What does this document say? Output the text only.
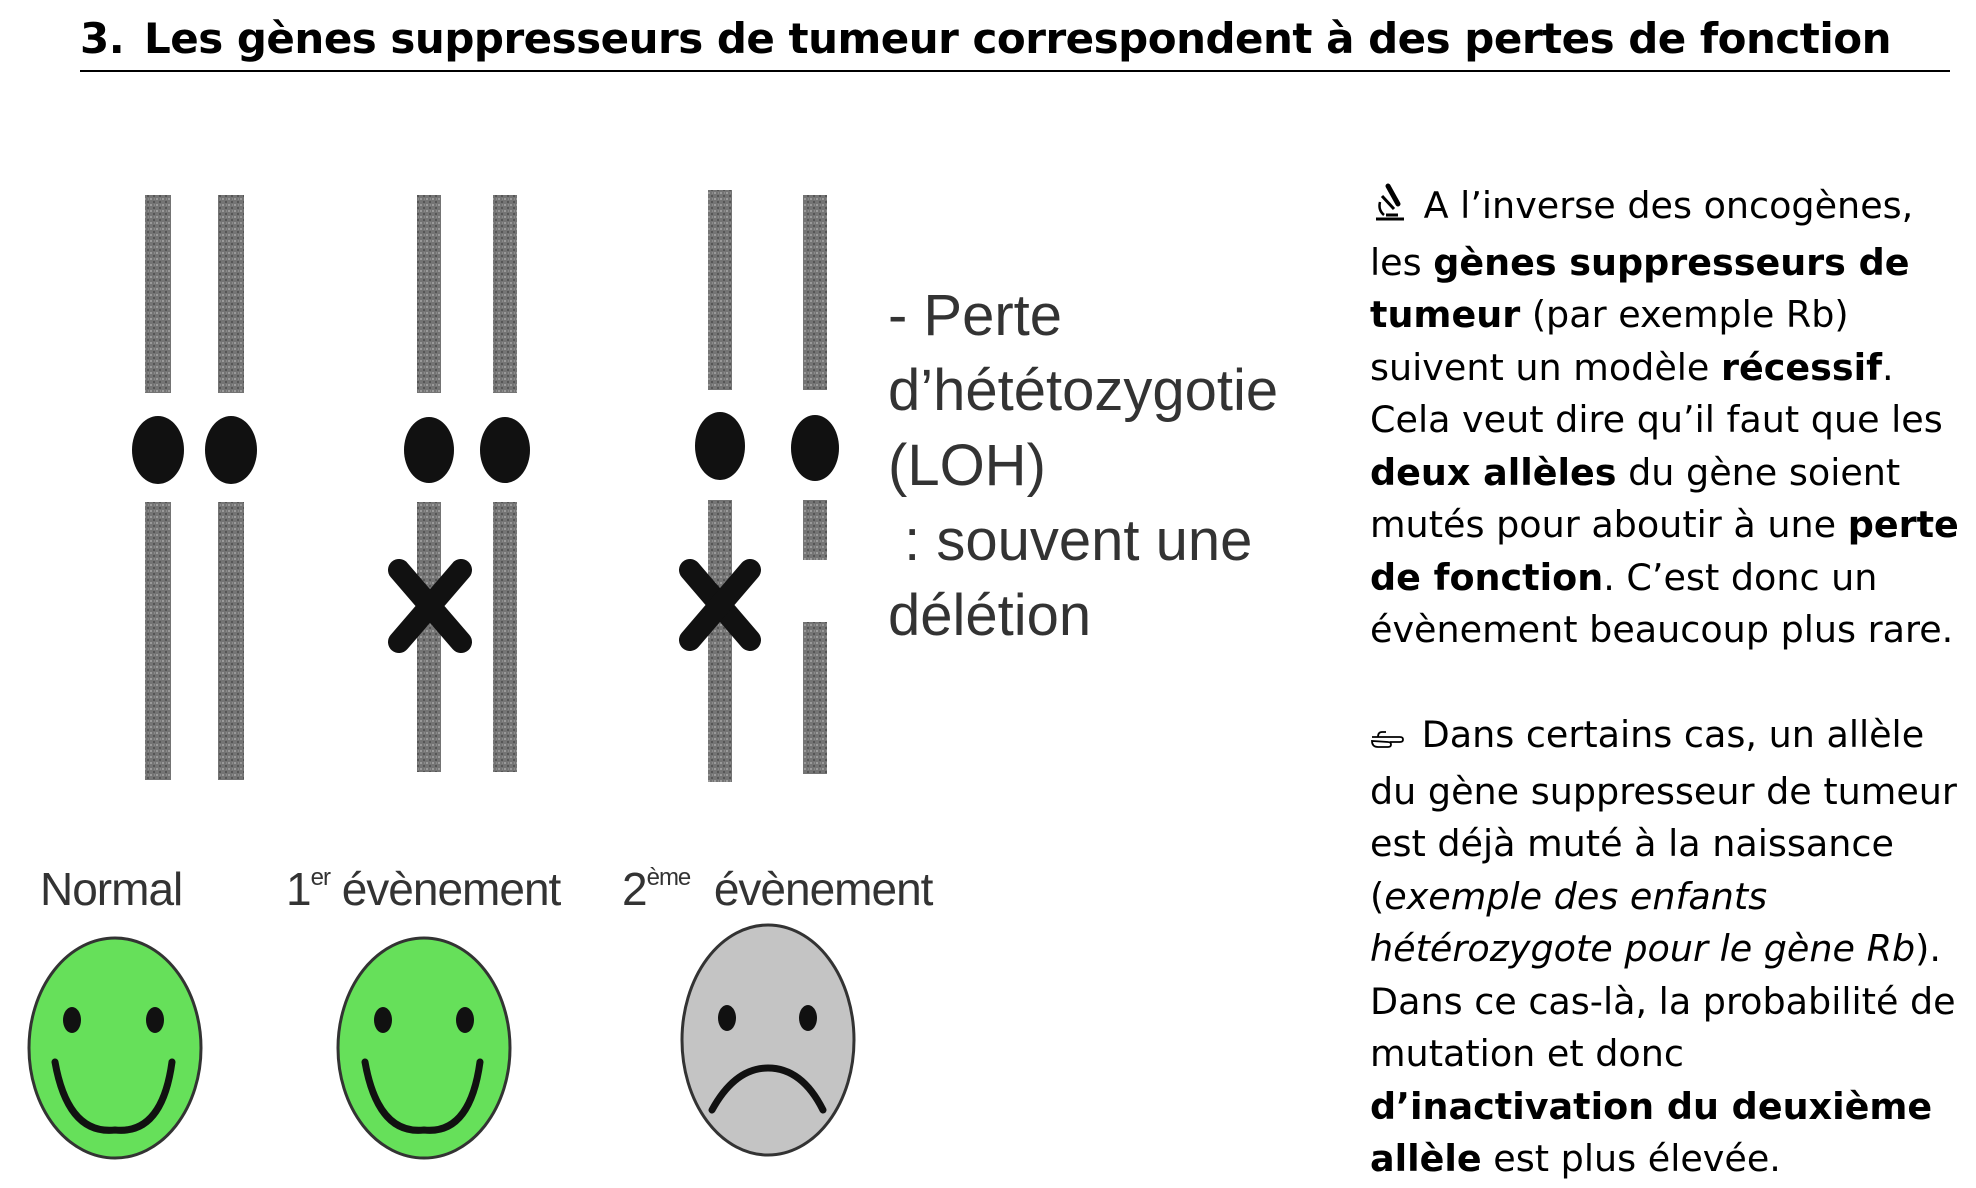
3. Les gènes suppresseurs de tumeur correspondent à des pertes de fonction
- Perte
d’hététozygotie
(LOH)
: souvent une
délétion
Normal 1er évènement 2ème  évènement

A l’inverse des oncogènes, les gènes suppresseurs de tumeur (par exemple Rb) suivent un modèle récessif. Cela veut dire qu’il faut que les deux allèles du gène soient mutés pour aboutir à une perte de fonction. C’est donc un évènement beaucoup plus rare.

Dans certains cas, un allèle du gène suppresseur de tumeur est déjà muté à la naissance (exemple des enfants hétérozygote pour le gène Rb). Dans ce cas-là, la probabilité de mutation et donc d’inactivation du deuxième allèle est plus élevée.
